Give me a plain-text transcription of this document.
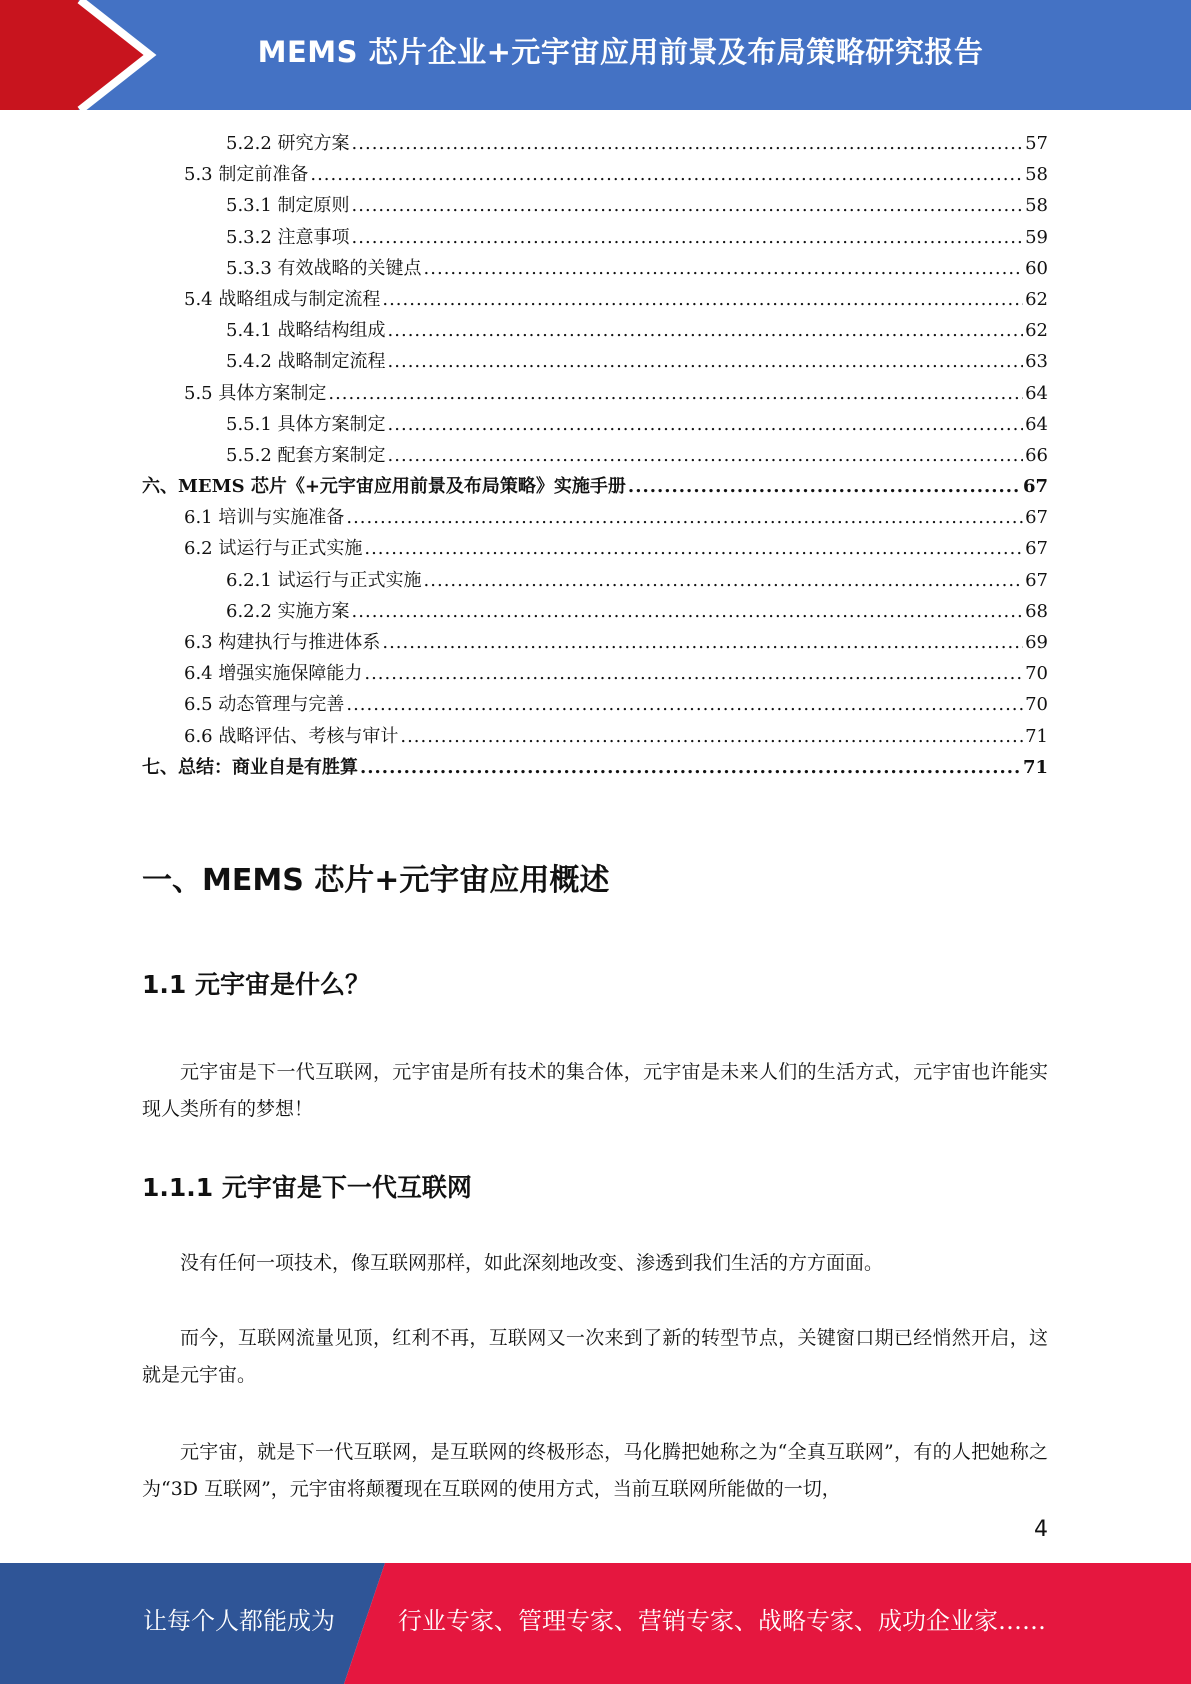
MEMS 芯片企业+元宇宙应用前景及布局策略研究报告
5.2.2 研究方案 .....	57
5.3 制定前准备 .....	58
5.3.1 制定原则 .....	58
5.3.2 注意事项 .....	59
5.3.3 有效战略的关键点 .....	60
5.4 战略组成与制定流程 .....	62
5.4.1 战略结构组成 .....	62
5.4.2 战略制定流程 .....	63
5.5 具体方案制定 .....	64
5.5.1 具体方案制定 .....	64
5.5.2 配套方案制定 .....	66
六、MEMS 芯片《+元宇宙应用前景及布局策略》实施手册 .....	67
6.1 培训与实施准备 .....	67
6.2 试运行与正式实施 .....	67
6.2.1 试运行与正式实施 .....	67
6.2.2 实施方案 .....	68
6.3 构建执行与推进体系 .....	69
6.4 增强实施保障能力 .....	70
6.5 动态管理与完善 .....	70
6.6 战略评估、考核与审计 .....	71
七、总结：商业自是有胜算 .....	71
一、MEMS 芯片+元宇宙应用概述
1.1 元宇宙是什么？

元宇宙是下一代互联网，元宇宙是所有技术的集合体，元宇宙是未来人们的生活方式，元宇宙也许能实现人类所有的梦想！

1.1.1 元宇宙是下一代互联网

没有任何一项技术，像互联网那样，如此深刻地改变、渗透到我们生活的方方面面。

而今，互联网流量见顶，红利不再，互联网又一次来到了新的转型节点，关键窗口期已经悄然开启，这就是元宇宙。

元宇宙，就是下一代互联网，是互联网的终极形态，马化腾把她称之为“全真互联网”，有的人把她称之为“3D 互联网”，元宇宙将颠覆现在互联网的使用方式，当前互联网所能做的一切，

4
让每个人都能成为	行业专家、管理专家、营销专家、战略专家、成功企业家……
